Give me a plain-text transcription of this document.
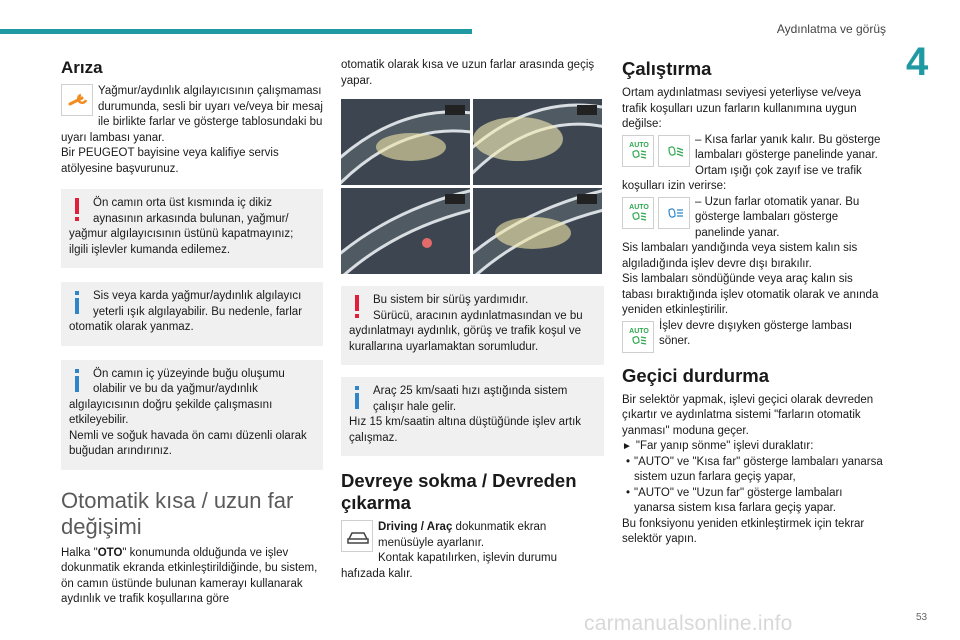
Aydınlatma ve görüş
4
53
carmanualsonline.info
Arıza

Yağmur/aydınlık algılayıcısının çalışmaması durumunda, sesli bir uyarı ve/veya bir mesaj ile birlikte farlar ve gösterge tablosundaki bu uyarı lambası yanar.

Bir PEUGEOT bayisine veya kalifiye servis atölyesine başvurunuz.

Ön camın orta üst kısmında iç dikiz aynasının arkasında bulunan, yağmur/ yağmur algılayıcısının üstünü kapatmayınız; ilgili işlevler kumanda edilemez.

Sis veya karda yağmur/aydınlık algılayıcı yeterli ışık algılayabilir. Bu nedenle, farlar otomatik olarak yanmaz.

Ön camın iç yüzeyinde buğu oluşumu olabilir ve bu da yağmur/aydınlık algılayıcısının doğru şekilde çalışmasını etkileyebilir.

Nemli ve soğuk havada ön camı düzenli olarak buğudan arındırınız.

Otomatik kısa / uzun far değişimi

Halka "OTO" konumunda olduğunda ve işlev dokunmatik ekranda etkinleştirildiğinde, bu sistem, ön camın üstünde bulunan kamerayı kullanarak aydınlık ve trafik koşullarına göre

otomatik olarak kısa ve uzun farlar arasında geçiş yapar.

Bu sistem bir sürüş yardımıdır.

Sürücü, aracının aydınlatmasından ve bu aydınlatmayı aydınlık, görüş ve trafik koşul ve kurallarına uyarlamaktan sorumludur.

Araç 25 km/saati hızı aştığında sistem çalışır hale gelir.

Hız 15 km/saatin altına düştüğünde işlev artık çalışmaz.

Devreye sokma / Devreden çıkarma

Driving / Araç dokunmatik ekran menüsüyle ayarlanır.

Kontak kapatılırken, işlevin durumu hafızada kalır.

Çalıştırma

Ortam aydınlatması seviyesi yeterliyse ve/veya trafik koşulları uzun farların kullanımına uygun değilse:

AUTO	– Kısa farlar yanık kalır. Bu gösterge lambaları gösterge panelinde yanar.

Ortam ışığı çok zayıf ise ve trafik koşulları izin verirse:

AUTO	– Uzun farlar otomatik yanar. Bu gösterge lambaları gösterge panelinde yanar.

Sis lambaları yandığında veya sistem kalın sis algıladığında işlev devre dışı bırakılır.

Sis lambaları söndüğünde veya araç kalın sis tabası bıraktığında işlev otomatik olarak ve anında yeniden etkinleştirilir.

AUTO İşlev devre dışıyken gösterge lambası söner.

Geçici durdurma

Bir selektör yapmak, işlevi geçici olarak devreden çıkartır ve aydınlatma sistemi "farların otomatik yanması" moduna geçer.

► "Far yanıp sönme" işlevi duraklatır:

• "AUTO" ve "Kısa far" gösterge lambaları yanarsa sistem uzun farlara geçiş yapar,

• "AUTO" ve "Uzun far" gösterge lambaları yanarsa sistem kısa farlara geçiş yapar.

Bu fonksiyonu yeniden etkinleştirmek için tekrar selektör yapın.
